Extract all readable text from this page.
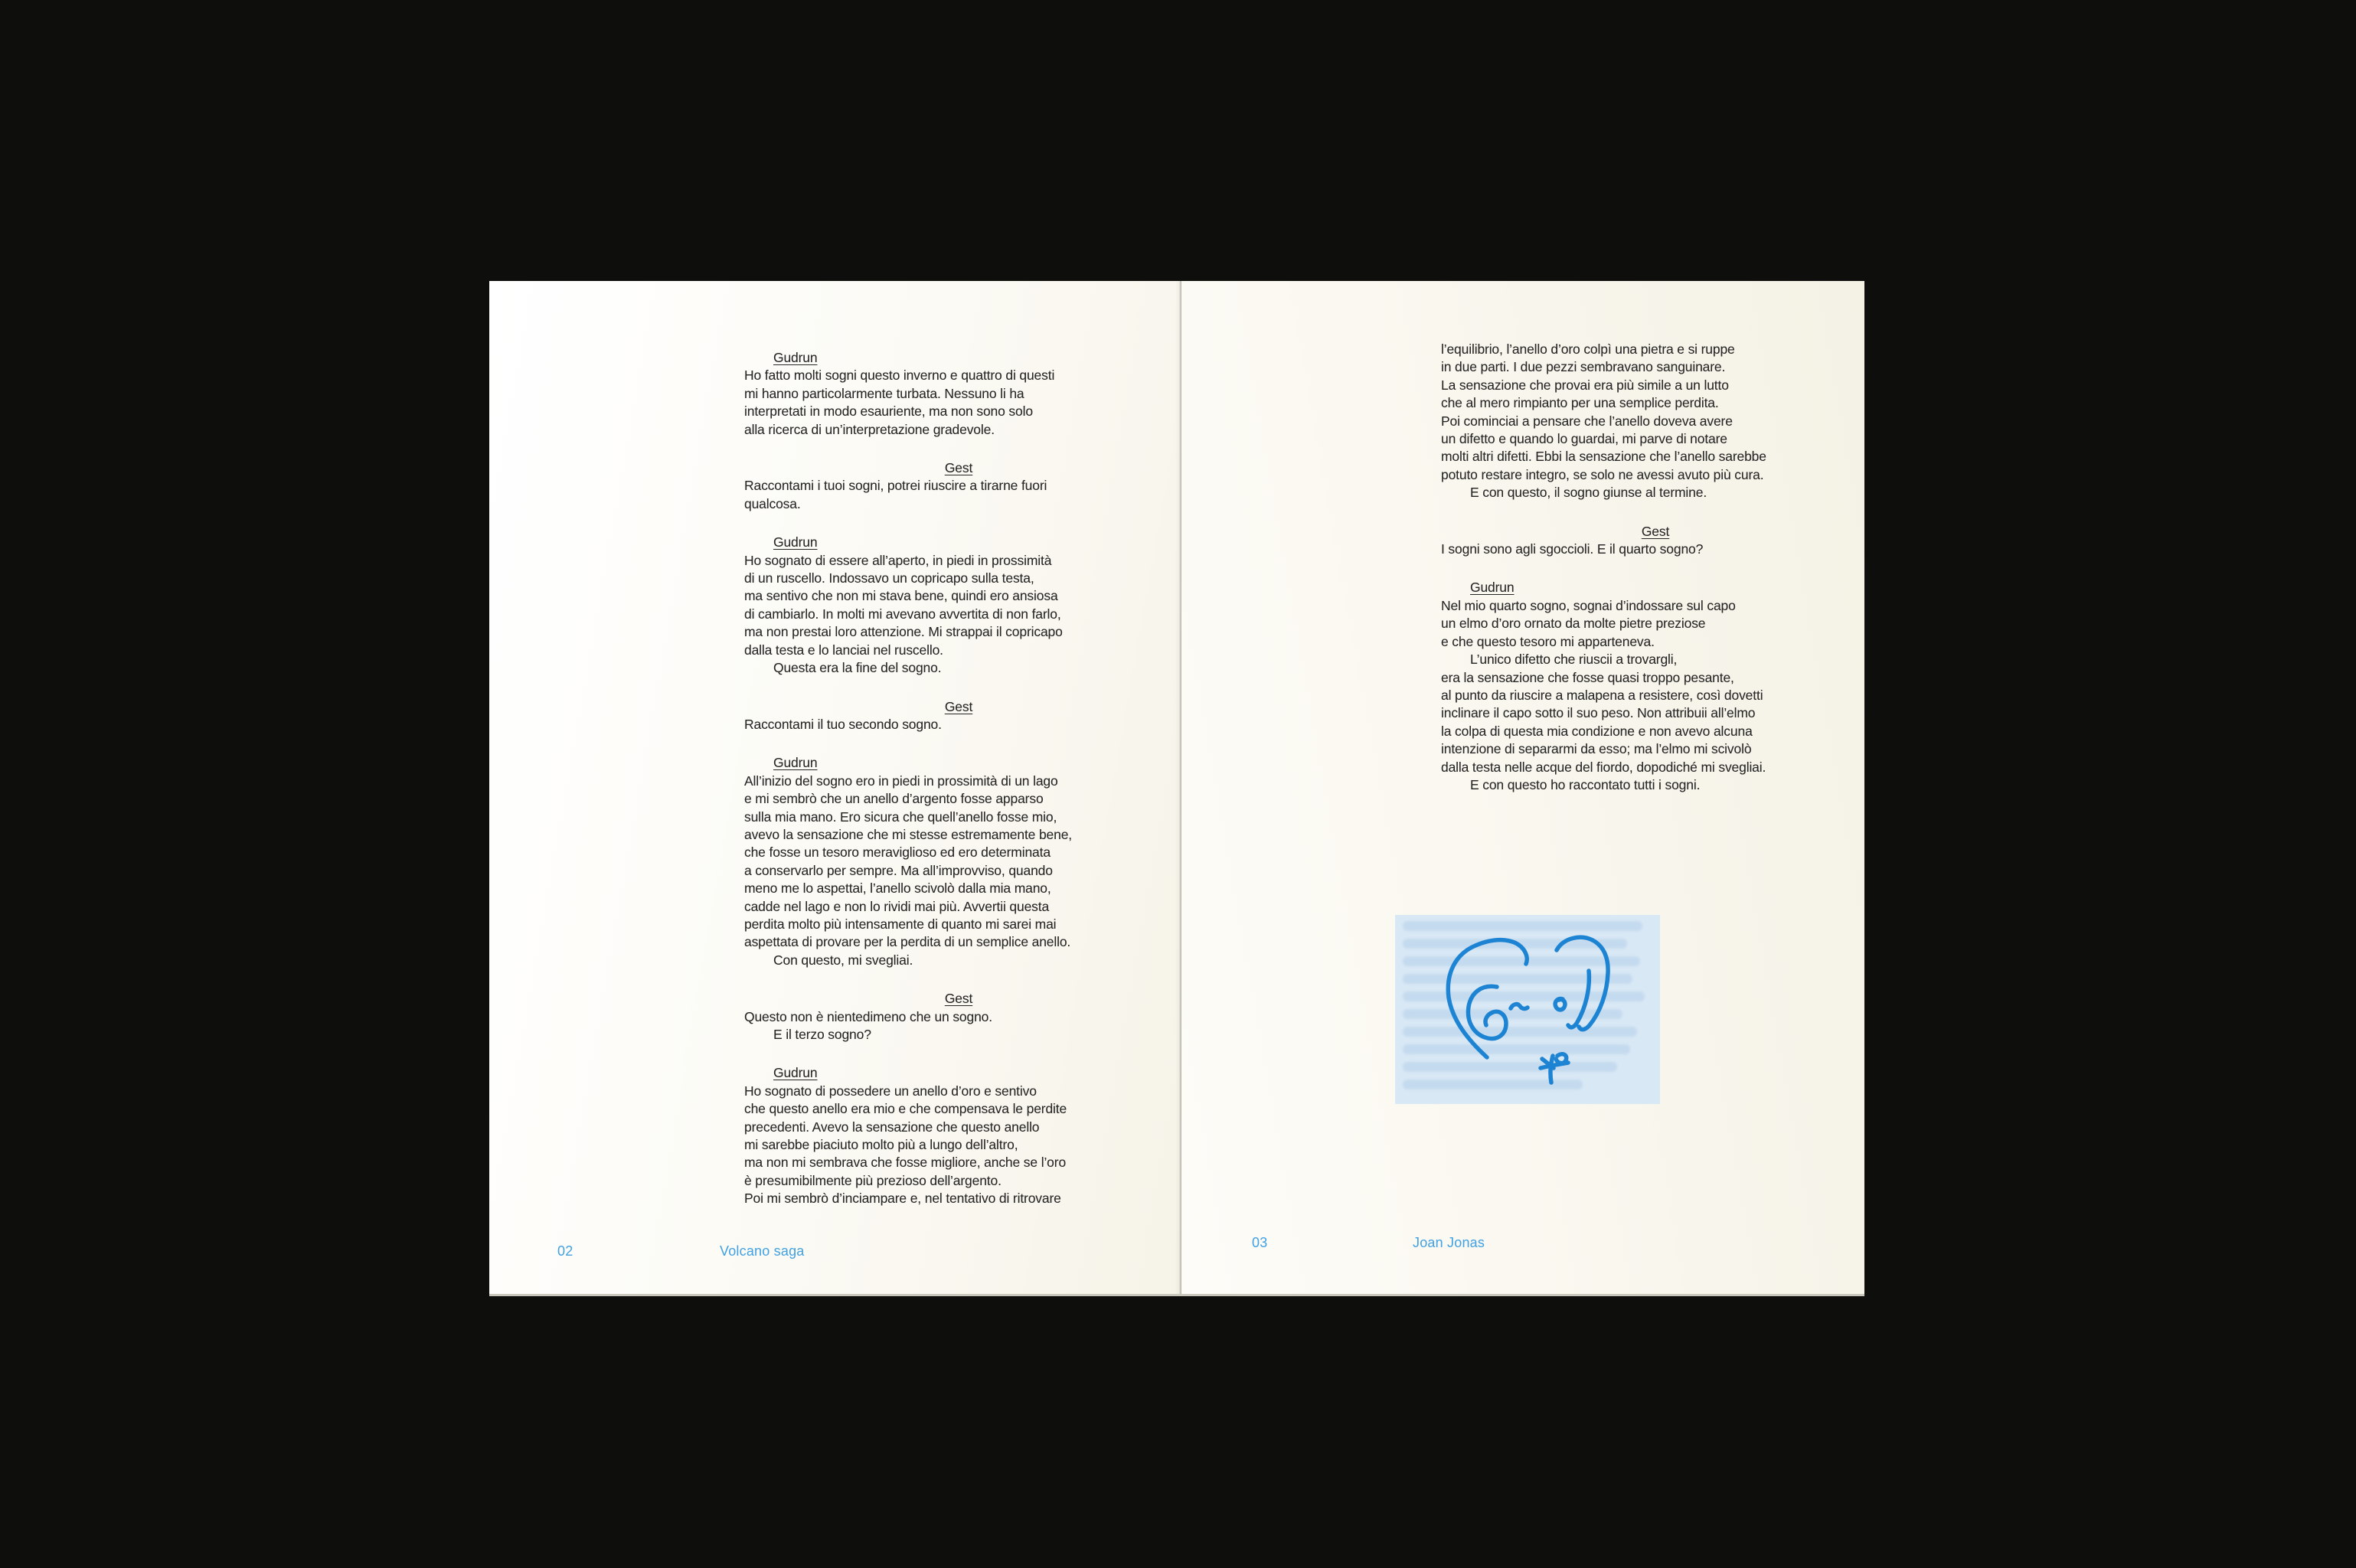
Gudrun
Ho fatto molti sogni questo inverno e quattro di questi
mi hanno particolarmente turbata. Nessuno li ha
interpretati in modo esauriente, ma non sono solo
alla ricerca di un’interpretazione gradevole.
Gest
Raccontami i tuoi sogni, potrei riuscire a tirarne fuori
qualcosa.
Gudrun
Ho sognato di essere all’aperto, in piedi in prossimità
di un ruscello. Indossavo un copricapo sulla testa,
ma sentivo che non mi stava bene, quindi ero ansiosa
di cambiarlo. In molti mi avevano avvertita di non farlo,
ma non prestai loro attenzione. Mi strappai il copricapo
dalla testa e lo lanciai nel ruscello.
Questa era la fine del sogno.
Gest
Raccontami il tuo secondo sogno.
Gudrun
All’inizio del sogno ero in piedi in prossimità di un lago
e mi sembrò che un anello d’argento fosse apparso
sulla mia mano. Ero sicura che quell’anello fosse mio,
avevo la sensazione che mi stesse estremamente bene,
che fosse un tesoro meraviglioso ed ero determinata
a conservarlo per sempre. Ma all’improvviso, quando
meno me lo aspettai, l’anello scivolò dalla mia mano,
cadde nel lago e non lo rividi mai più. Avvertii questa
perdita molto più intensamente di quanto mi sarei mai
aspettata di provare per la perdita di un semplice anello.
Con questo, mi svegliai.
Gest
Questo non è nientedimeno che un sogno.
E il terzo sogno?
Gudrun
Ho sognato di possedere un anello d’oro e sentivo
che questo anello era mio e che compensava le perdite
precedenti. Avevo la sensazione che questo anello
mi sarebbe piaciuto molto più a lungo dell’altro,
ma non mi sembrava che fosse migliore, anche se l’oro
è presumibilmente più prezioso dell’argento.
Poi mi sembrò d’inciampare e, nel tentativo di ritrovare
02	Volcano saga
l’equilibrio, l’anello d’oro colpì una pietra e si ruppe
in due parti. I due pezzi sembravano sanguinare.
La sensazione che provai era più simile a un lutto
che al mero rimpianto per una semplice perdita.
Poi cominciai a pensare che l’anello doveva avere
un difetto e quando lo guardai, mi parve di notare
molti altri difetti. Ebbi la sensazione che l’anello sarebbe
potuto restare integro, se solo ne avessi avuto più cura.
E con questo, il sogno giunse al termine.
Gest
I sogni sono agli sgoccioli. E il quarto sogno?
Gudrun
Nel mio quarto sogno, sognai d’indossare sul capo
un elmo d’oro ornato da molte pietre preziose
e che questo tesoro mi apparteneva.
L’unico difetto che riuscii a trovargli,
era la sensazione che fosse quasi troppo pesante,
al punto da riuscire a malapena a resistere, così dovetti
inclinare il capo sotto il suo peso. Non attribuii all’elmo
la colpa di questa mia condizione e non avevo alcuna
intenzione di separarmi da esso; ma l’elmo mi scivolò
dalla testa nelle acque del fiordo, dopodiché mi svegliai.
E con questo ho raccontato tutti i sogni.
03	Joan Jonas
